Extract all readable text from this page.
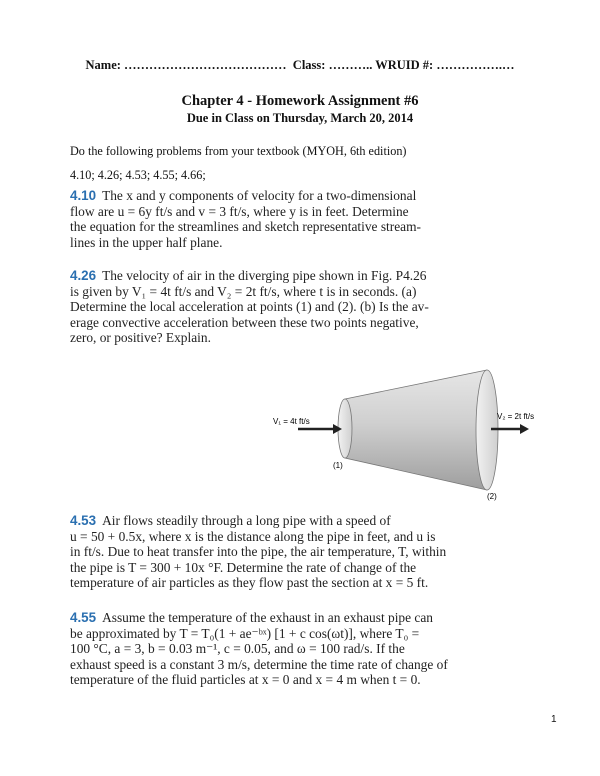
Name: ………………………………… Class: ……….. WRUID #: …………….…
Chapter 4 - Homework Assignment #6
Due in Class on Thursday, March 20, 2014
Do the following problems from your textbook (MYOH, 6th edition)
4.10; 4.26; 4.53; 4.55; 4.66;
4.10 The x and y components of velocity for a two-dimensional
flow are u = 6y ft/s and v = 3 ft/s, where y is in feet. Determine
the equation for the streamlines and sketch representative stream-
lines in the upper half plane.
4.26 The velocity of air in the diverging pipe shown in Fig. P4.26
is given by V₁ = 4t ft/s and V₂ = 2t ft/s, where t is in seconds. (a)
Determine the local acceleration at points (1) and (2). (b) Is the av-
erage convective acceleration between these two points negative,
zero, or positive? Explain.
V₁ = 4t ft/s
V₂ = 2t ft/s
(1)
(2)
4.53 Air flows steadily through a long pipe with a speed of
u = 50 + 0.5x, where x is the distance along the pipe in feet, and u is
in ft/s. Due to heat transfer into the pipe, the air temperature, T, within
the pipe is T = 300 + 10x °F. Determine the rate of change of the
temperature of air particles as they flow past the section at x = 5 ft.
4.55 Assume the temperature of the exhaust in an exhaust pipe can
be approximated by T = T₀(1 + ae⁻ᵇˣ) [1 + c cos(ωt)], where T₀ =
100 °C, a = 3, b = 0.03 m⁻¹, c = 0.05, and ω = 100 rad/s. If the
exhaust speed is a constant 3 m/s, determine the time rate of change of
temperature of the fluid particles at x = 0 and x = 4 m when t = 0.
1
